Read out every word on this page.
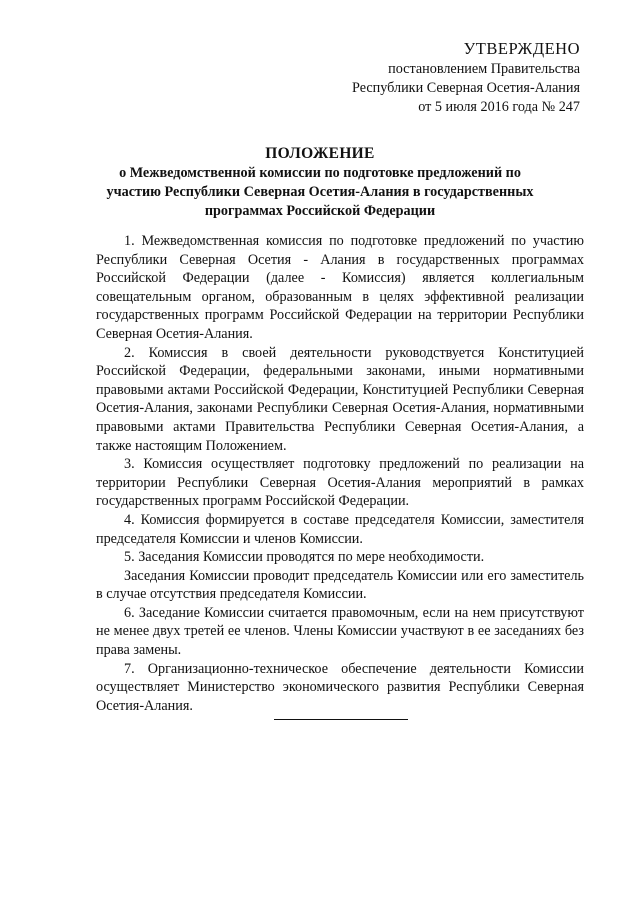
УТВЕРЖДЕНО
постановлением Правительства
Республики Северная Осетия-Алания
от 5 июля 2016 года № 247
ПОЛОЖЕНИЕ
о Межведомственной комиссии по подготовке предложений по
участию Республики Северная Осетия-Алания в государственных
программах Российской Федерации

1. Межведомственная комиссия по подготовке предложений по участию Республики Северная Осетия - Алания в государственных программах Российской Федерации (далее - Комиссия) является коллегиальным совещательным органом, образованным в целях эффективной реализации государственных программ Российской Федерации на территории Республики Северная Осетия-Алания.

2. Комиссия в своей деятельности руководствуется Конституцией Российской Федерации, федеральными законами, иными нормативными правовыми актами Российской Федерации, Конституцией Республики Северная Осетия-Алания, законами Республики Северная Осетия-Алания, нормативными правовыми актами Правительства Республики Северная Осетия-Алания, а также настоящим Положением.

3. Комиссия осуществляет подготовку предложений по реализации на территории Республики Северная Осетия-Алания мероприятий в рамках государственных программ Российской Федерации.

4. Комиссия формируется в составе председателя Комиссии, заместителя председателя Комиссии и членов Комиссии.

5. Заседания Комиссии проводятся по мере необходимости.

Заседания Комиссии проводит председатель Комиссии или его заместитель в случае отсутствия председателя Комиссии.

6. Заседание Комиссии считается правомочным, если на нем присутствуют не менее двух третей ее членов. Члены Комиссии участвуют в ее заседаниях без права замены.

7. Организационно-техническое обеспечение деятельности Комиссии осуществляет Министерство экономического развития Республики Северная Осетия-Алания.
